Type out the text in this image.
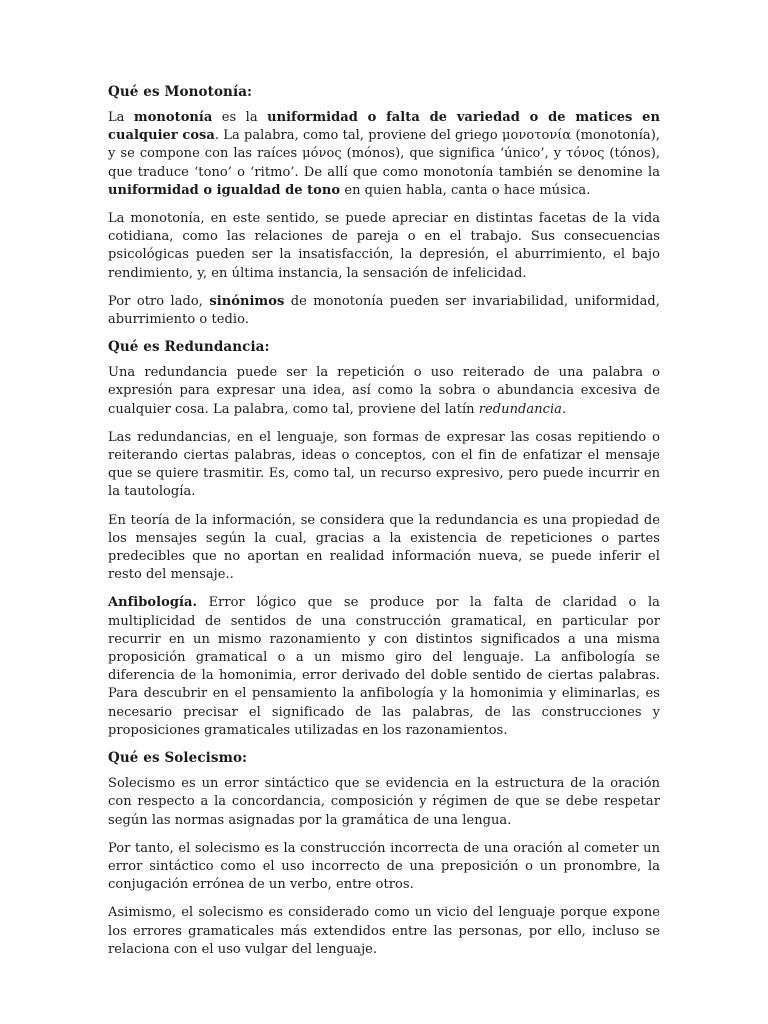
Qué es Monotonía:

La monotonía es la uniformidad o falta de variedad o de matices en cualquier cosa. La palabra, como tal, proviene del griego μονοτονία (monotonía), y se compone con las raíces μόνος (mónos), que significa ‘único’, y τόνος (tónos), que traduce ‘tono’ o ‘ritmo’. De allí que como monotonía también se denomine la uniformidad o igualdad de tono en quien habla, canta o hace música.

La monotonía, en este sentido, se puede apreciar en distintas facetas de la vida cotidiana, como las relaciones de pareja o en el trabajo. Sus consecuencias psicológicas pueden ser la insatisfacción, la depresión, el aburrimiento, el bajo rendimiento, y, en última instancia, la sensación de infelicidad.

Por otro lado, sinónimos de monotonía pueden ser invariabilidad, uniformidad, aburrimiento o tedio.

Qué es Redundancia:

Una redundancia puede ser la repetición o uso reiterado de una palabra o expresión para expresar una idea, así como la sobra o abundancia excesiva de cualquier cosa. La palabra, como tal, proviene del latín redundancia.

Las redundancias, en el lenguaje, son formas de expresar las cosas repitiendo o reiterando ciertas palabras, ideas o conceptos, con el fin de enfatizar el mensaje que se quiere trasmitir. Es, como tal, un recurso expresivo, pero puede incurrir en la tautología.

En teoría de la información, se considera que la redundancia es una propiedad de los mensajes según la cual, gracias a la existencia de repeticiones o partes predecibles que no aportan en realidad información nueva, se puede inferir el resto del mensaje..

Anfibología. Error lógico que se produce por la falta de claridad o la multiplicidad de sentidos de una construcción gramatical, en particular por recurrir en un mismo razonamiento y con distintos significados a una misma proposición gramatical o a un mismo giro del lenguaje. La anfibología se diferencia de la homonimia, error derivado del doble sentido de ciertas palabras. Para descubrir en el pensamiento la anfibología y la homonimia y eliminarlas, es necesario precisar el significado de las palabras, de las construcciones y proposiciones gramaticales utilizadas en los razonamientos.

Qué es Solecismo:

Solecismo es un error sintáctico que se evidencia en la estructura de la oración con respecto a la concordancia, composición y régimen de que se debe respetar según las normas asignadas por la gramática de una lengua.

Por tanto, el solecismo es la construcción incorrecta de una oración al cometer un error sintáctico como el uso incorrecto de una preposición o un pronombre, la conjugación errónea de un verbo, entre otros.

Asimismo, el solecismo es considerado como un vicio del lenguaje porque expone los errores gramaticales más extendidos entre las personas, por ello, incluso se relaciona con el uso vulgar del lenguaje.
